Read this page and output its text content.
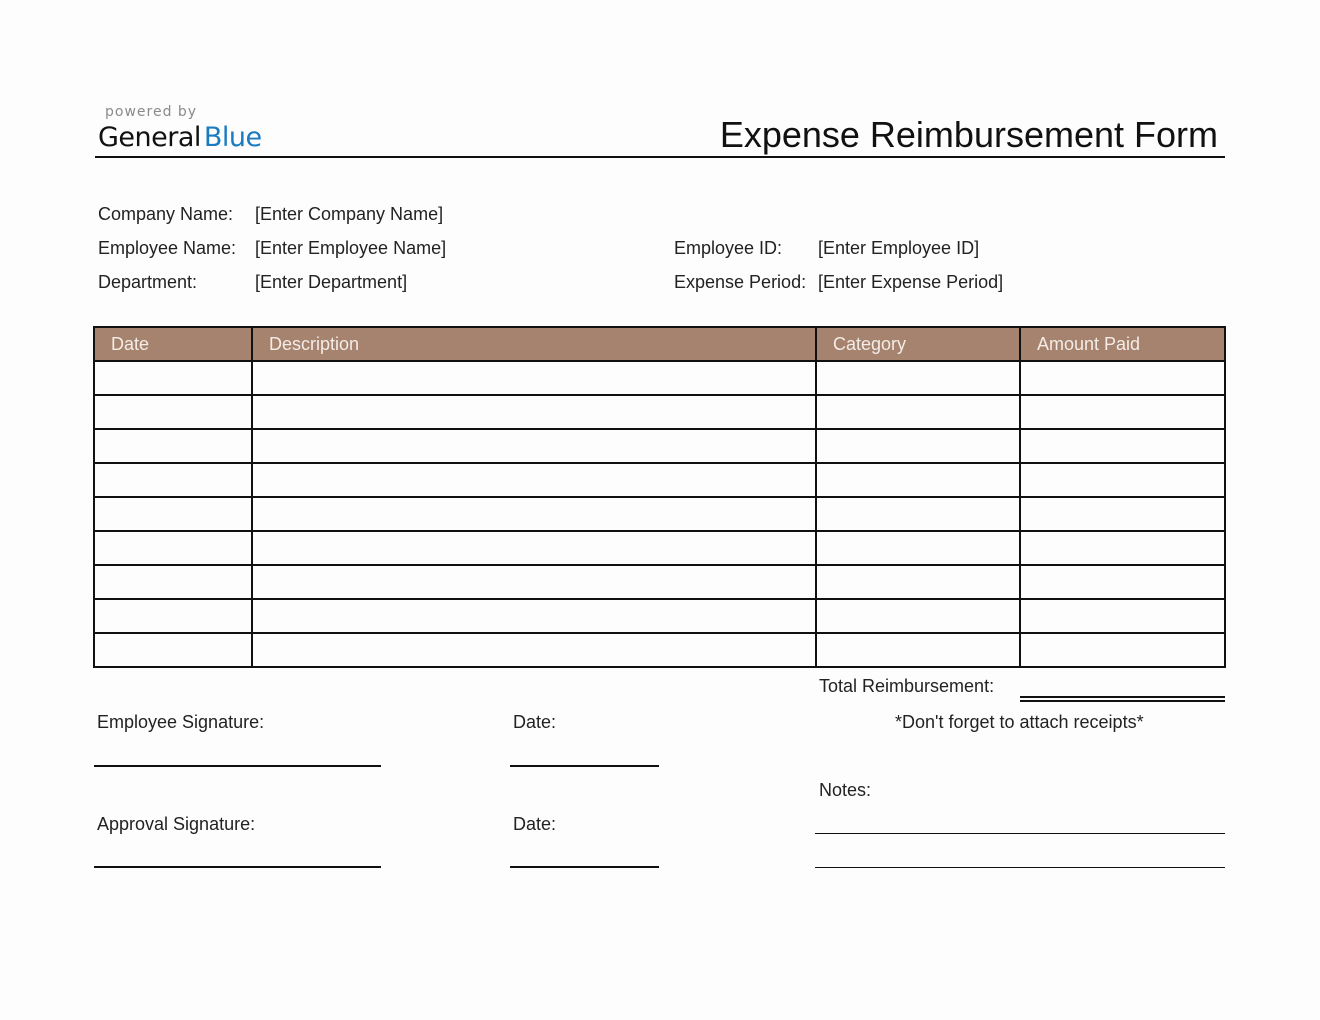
powered by
General Blue	Expense Reimbursement Form
Company Name: [Enter Company Name]
Employee Name: [Enter Employee Name]
Department:	[Enter Department]
Employee ID: [Enter Employee ID]
Expense Period: [Enter Expense Period]
Date	Description	Category	Amount Paid

Total Reimbursement:
*Don't forget to attach receipts*
Employee Signature:	Date:
Approval Signature:	Date:
Notes:
